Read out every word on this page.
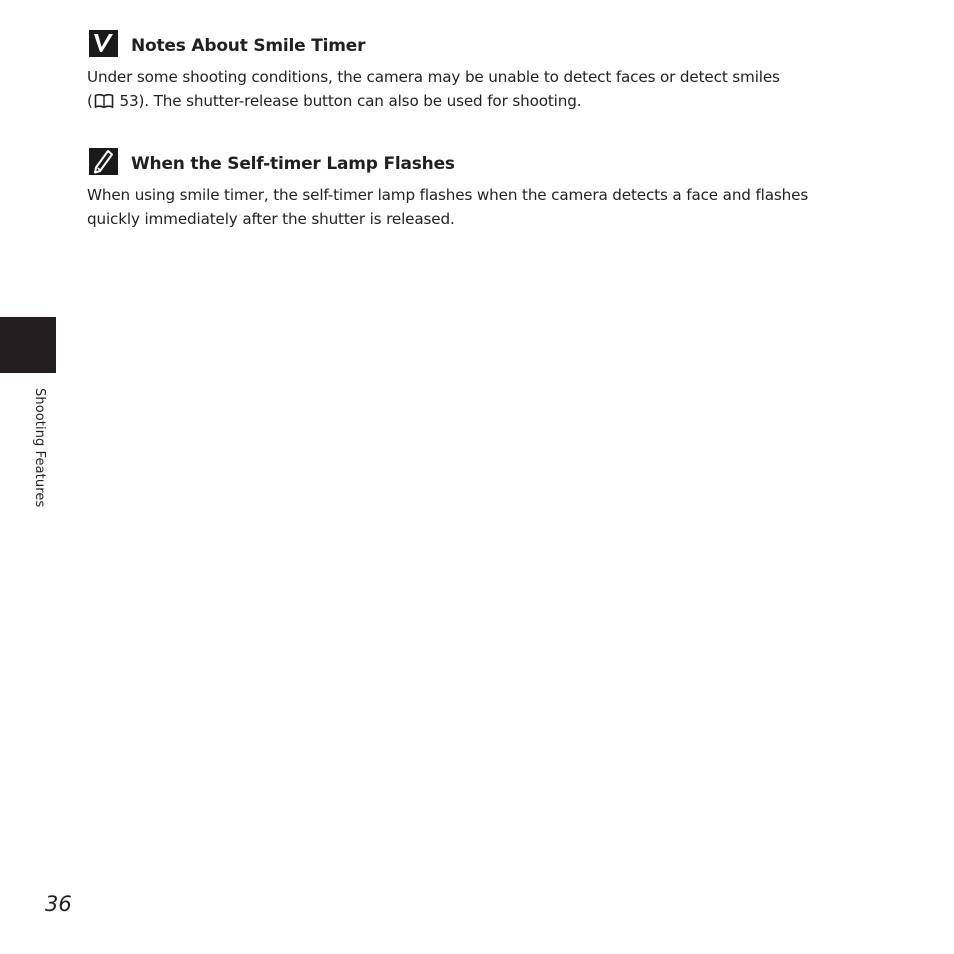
Notes About Smile Timer
Under some shooting conditions, the camera may be unable to detect faces or detect smiles
( 53). The shutter-release button can also be used for shooting.
When the Self-timer Lamp Flashes
When using smile timer, the self-timer lamp flashes when the camera detects a face and flashes quickly immediately after the shutter is released.
Shooting Features
36
